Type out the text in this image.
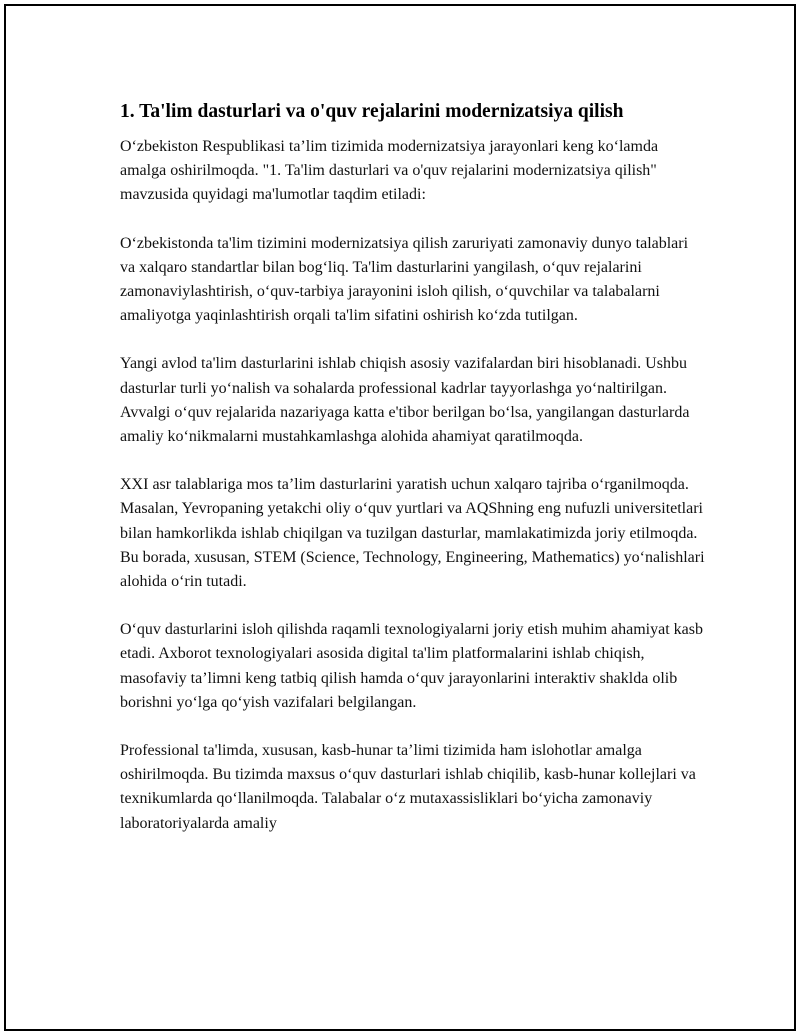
1. Ta'lim dasturlari va o'quv rejalarini modernizatsiya qilish

O‘zbekiston Respublikasi ta’lim tizimida modernizatsiya jarayonlari keng ko‘lamda amalga oshirilmoqda. "1. Ta'lim dasturlari va o'quv rejalarini modernizatsiya qilish" mavzusida quyidagi ma'lumotlar taqdim etiladi:

O‘zbekistonda ta'lim tizimini modernizatsiya qilish zaruriyati zamonaviy dunyo talablari va xalqaro standartlar bilan bog‘liq. Ta'lim dasturlarini yangilash, o‘quv rejalarini zamonaviylashtirish, o‘quv-tarbiya jarayonini isloh qilish, o‘quvchilar va talabalarni amaliyotga yaqinlashtirish orqali ta'lim sifatini oshirish ko‘zda tutilgan.

Yangi avlod ta'lim dasturlarini ishlab chiqish asosiy vazifalardan biri hisoblanadi. Ushbu dasturlar turli yo‘nalish va sohalarda professional kadrlar tayyorlashga yo‘naltirilgan. Avvalgi o‘quv rejalarida nazariyaga katta e'tibor berilgan bo‘lsa, yangilangan dasturlarda amaliy ko‘nikmalarni mustahkamlashga alohida ahamiyat qaratilmoqda.

XXI asr talablariga mos ta’lim dasturlarini yaratish uchun xalqaro tajriba o‘rganilmoqda. Masalan, Yevropaning yetakchi oliy o‘quv yurtlari va AQShning eng nufuzli universitetlari bilan hamkorlikda ishlab chiqilgan va tuzilgan dasturlar, mamlakatimizda joriy etilmoqda. Bu borada, xususan, STEM (Science, Technology, Engineering, Mathematics) yo‘nalishlari alohida o‘rin tutadi.

O‘quv dasturlarini isloh qilishda raqamli texnologiyalarni joriy etish muhim ahamiyat kasb etadi. Axborot texnologiyalari asosida digital ta'lim platformalarini ishlab chiqish, masofaviy ta’limni keng tatbiq qilish hamda o‘quv jarayonlarini interaktiv shaklda olib borishni yo‘lga qo‘yish vazifalari belgilangan.

Professional ta'limda, xususan, kasb-hunar ta’limi tizimida ham islohotlar amalga oshirilmoqda. Bu tizimda maxsus o‘quv dasturlari ishlab chiqilib, kasb-hunar kollejlari va texnikumlarda qo‘llanilmoqda. Talabalar o‘z mutaxassisliklari bo‘yicha zamonaviy laboratoriyalarda amaliy
